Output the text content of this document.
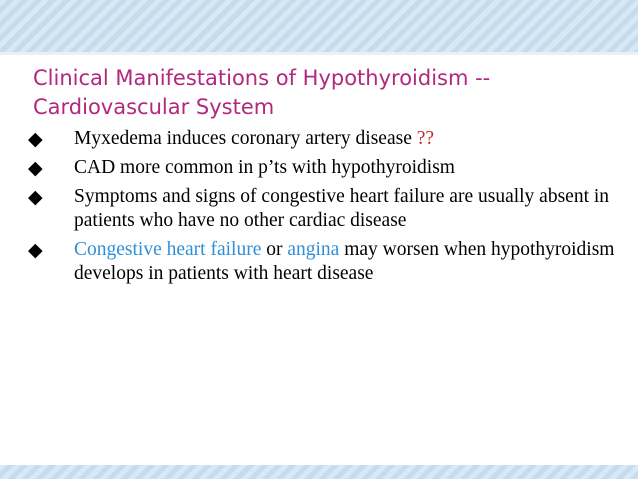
Clinical Manifestations of Hypothyroidism --
Cardiovascular System
◆ Myxedema induces coronary artery disease ??
◆ CAD more common in p’ts with hypothyroidism
◆ Symptoms and signs of congestive heart failure are usually absent in patients who have no other cardiac disease
◆ Congestive heart failure or angina may worsen when hypothyroidism develops in patients with heart disease
